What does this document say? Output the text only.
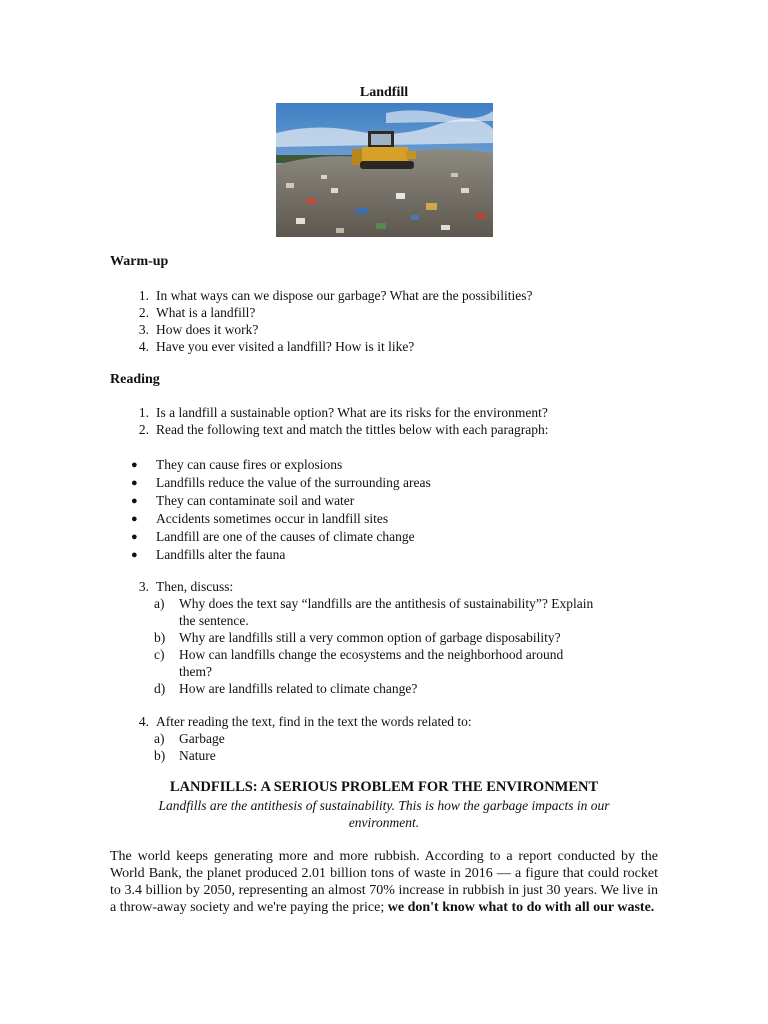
Landfill
Warm-up
1. In what ways can we dispose our garbage? What are the possibilities?
2. What is a landfill?
3. How does it work?
4. Have you ever visited a landfill? How is it like?
Reading
1. Is a landfill a sustainable option? What are its risks for the environment?
2. Read the following text and match the tittles below with each paragraph:
● They can cause fires or explosions
● Landfills reduce the value of the surrounding areas
● They can contaminate soil and water
● Accidents sometimes occur in landfill sites
● Landfill are one of the causes of climate change
● Landfills alter the fauna
3. Then, discuss:
a) Why does the text say “landfills are the antithesis of sustainability”? Explain
the sentence.
b) Why are landfills still a very common option of garbage disposability?
c) How can landfills change the ecosystems and the neighborhood around
them?
d) How are landfills related to climate change?
4. After reading the text, find in the text the words related to:
a) Garbage
b) Nature
LANDFILLS: A SERIOUS PROBLEM FOR THE ENVIRONMENT
Landfills are the antithesis of sustainability. This is how the garbage impacts in our
environment.
The world keeps generating more and more rubbish. According to a report conducted by the World Bank, the planet produced 2.01 billion tons of waste in 2016 — a figure that could rocket to 3.4 billion by 2050, representing an almost 70% increase in rubbish in just 30 years. We live in a throw-away society and we're paying the price; we don't know what to do with all our waste.
